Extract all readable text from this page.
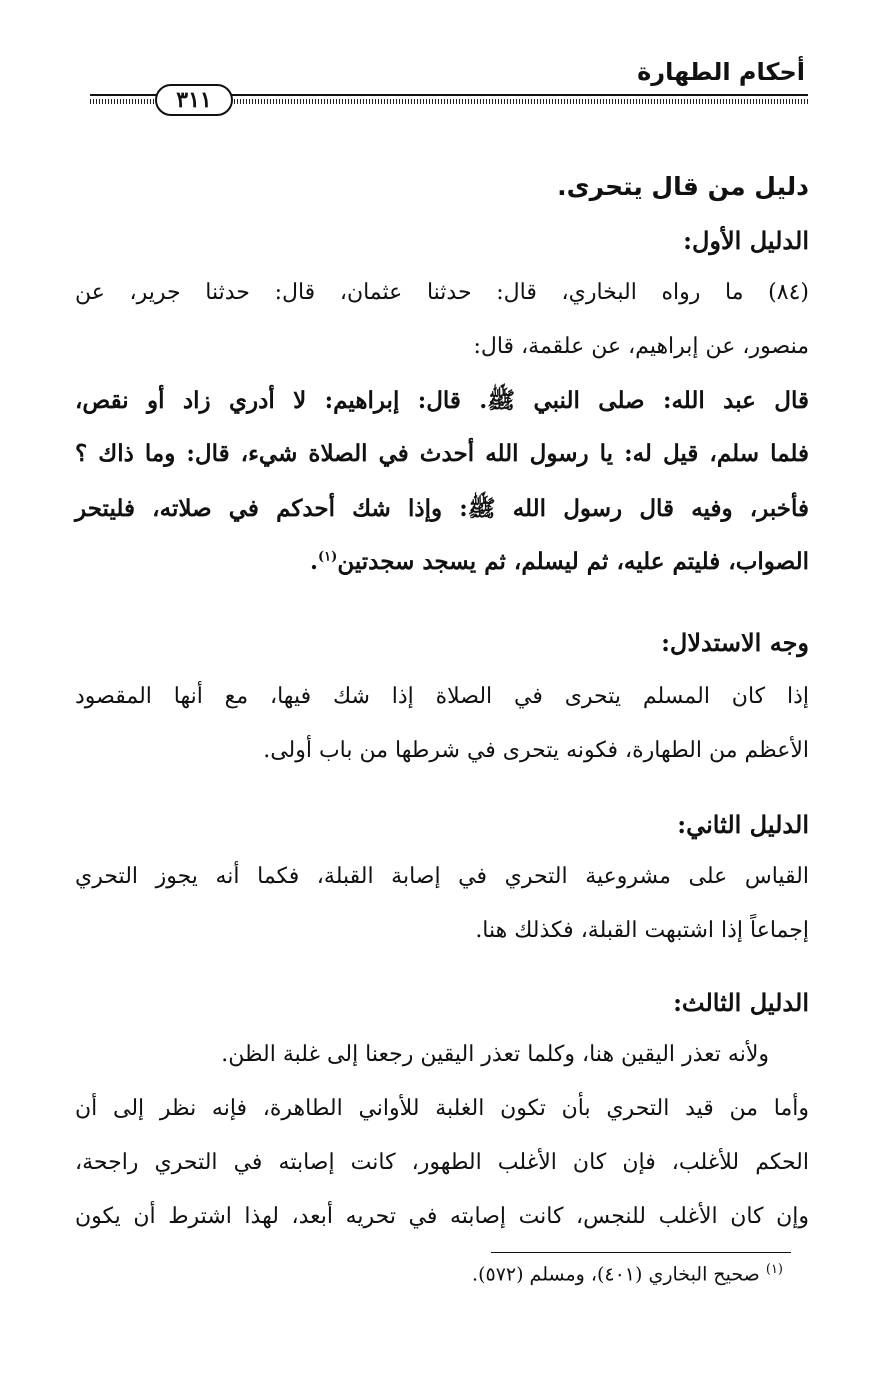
أحكام الطهارة
٣١١
دليل من قال يتحرى.
الدليل الأول:
(٨٤) ما رواه البخاري، قال: حدثنا عثمان، قال: حدثنا جرير، عن
منصور، عن إبراهيم، عن علقمة، قال:
قال عبد الله: صلى النبي ﷺ. قال: إبراهيم: لا أدري زاد أو نقص،
فلما سلم، قيل له: يا رسول الله أحدث في الصلاة شيء، قال: وما ذاك ؟
فأخبر، وفيه قال رسول الله ﷺ: وإذا شك أحدكم في صلاته، فليتحر
الصواب، فليتم عليه، ثم ليسلم، ثم يسجد سجدتين$^{(١)}$.
وجه الاستدلال:
إذا كان المسلم يتحرى في الصلاة إذا شك فيها، مع أنها المقصود
الأعظم من الطهارة، فكونه يتحرى في شرطها من باب أولى.
الدليل الثاني:
القياس على مشروعية التحري في إصابة القبلة، فكما أنه يجوز التحري
إجماعاً إذا اشتبهت القبلة، فكذلك هنا.
الدليل الثالث:
ولأنه تعذر اليقين هنا، وكلما تعذر اليقين رجعنا إلى غلبة الظن.
وأما من قيد التحري بأن تكون الغلبة للأواني الطاهرة، فإنه نظر إلى أن
الحكم للأغلب، فإن كان الأغلب الطهور، كانت إصابته في التحري راجحة،
وإن كان الأغلب للنجس، كانت إصابته في تحريه أبعد، لهذا اشترط أن يكون
$^{(١)}$ صحيح البخاري (٤٠١)، ومسلم (٥٧٢).
